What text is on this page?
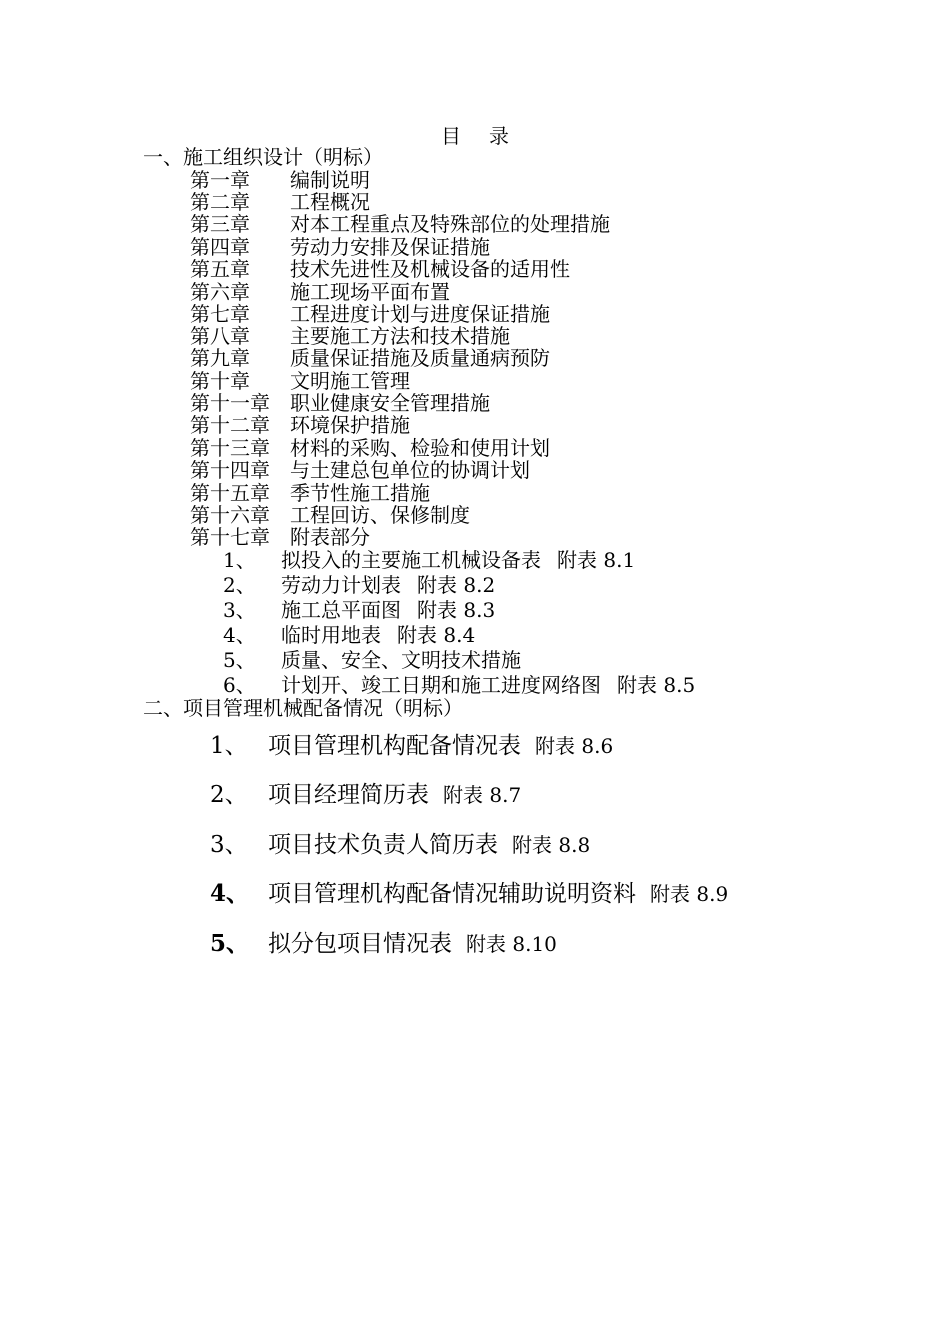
目录
一、施工组织设计（明标）
第一章 编制说明
第二章 工程概况
第三章 对本工程重点及特殊部位的处理措施
第四章 劳动力安排及保证措施
第五章 技术先进性及机械设备的适用性
第六章 施工现场平面布置
第七章 工程进度计划与进度保证措施
第八章 主要施工方法和技术措施
第九章 质量保证措施及质量通病预防
第十章 文明施工管理
第十一章 职业健康安全管理措施
第十二章 环境保护措施
第十三章 材料的采购、检验和使用计划
第十四章 与土建总包单位的协调计划
第十五章 季节性施工措施
第十六章 工程回访、保修制度
第十七章 附表部分
1、 拟投入的主要施工机械设备表 附表 8.1
2、 劳动力计划表 附表 8.2
3、 施工总平面图 附表 8.3
4、 临时用地表 附表 8.4
5、 质量、安全、文明技术措施
6、 计划开、竣工日期和施工进度网络图 附表 8.5
二、项目管理机械配备情况（明标）
1、 项目管理机构配备情况表 附表 8.6
2、 项目经理简历表 附表 8.7
3、 项目技术负责人简历表 附表 8.8
4、 项目管理机构配备情况辅助说明资料 附表 8.9
5、 拟分包项目情况表 附表 8.10
